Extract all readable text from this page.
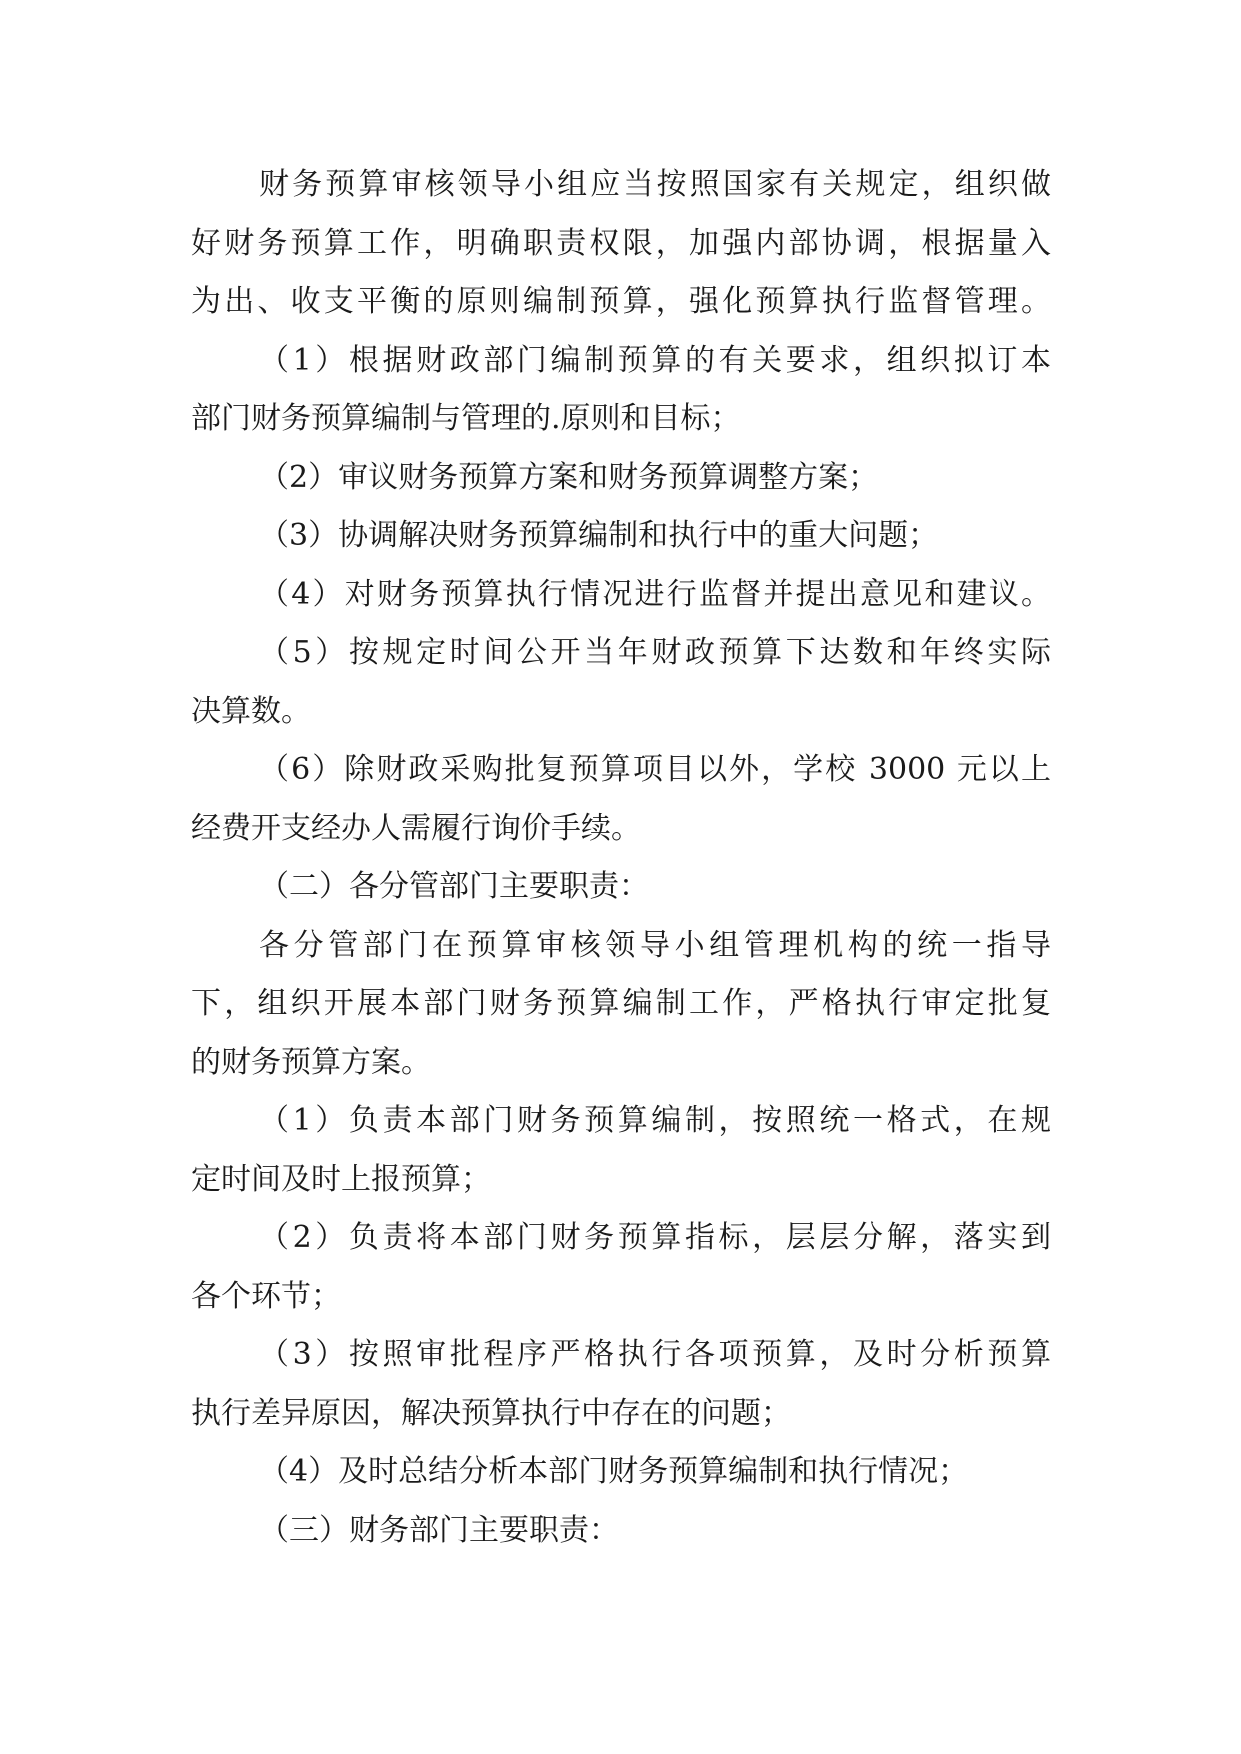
财务预算审核领导小组应当按照国家有关规定，组织做
好财务预算工作，明确职责权限，加强内部协调，根据量入
为出、收支平衡的原则编制预算，强化预算执行监督管理。
（1）根据财政部门编制预算的有关要求，组织拟订本
部门财务预算编制与管理的.原则和目标；
（2）审议财务预算方案和财务预算调整方案；
（3）协调解决财务预算编制和执行中的重大问题；
（4）对财务预算执行情况进行监督并提出意见和建议。
（5）按规定时间公开当年财政预算下达数和年终实际
决算数。
（6）除财政采购批复预算项目以外，学校 3000 元以上
经费开支经办人需履行询价手续。
（二）各分管部门主要职责：
各分管部门在预算审核领导小组管理机构的统一指导
下，组织开展本部门财务预算编制工作，严格执行审定批复
的财务预算方案。
（1）负责本部门财务预算编制，按照统一格式，在规
定时间及时上报预算；
（2）负责将本部门财务预算指标，层层分解，落实到
各个环节；
（3）按照审批程序严格执行各项预算，及时分析预算
执行差异原因，解决预算执行中存在的问题；
（4）及时总结分析本部门财务预算编制和执行情况；
（三）财务部门主要职责：
